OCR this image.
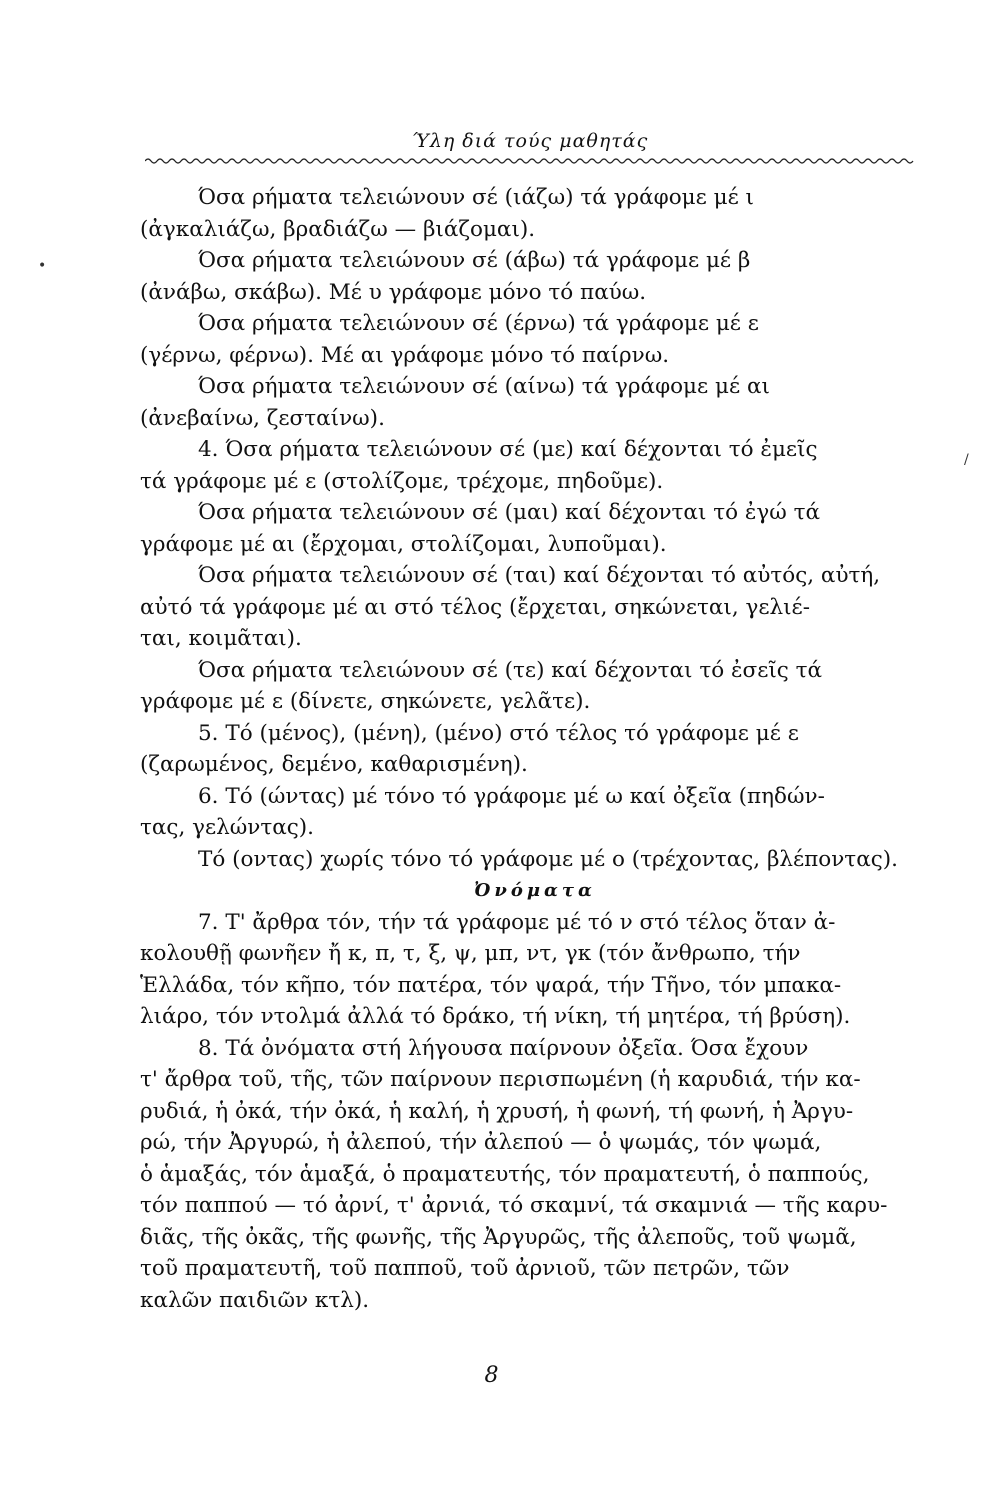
Ύλη διά τούς μαθητάς
•
/
Όσα ρήματα τελειώνουν σέ (ιάζω) τά γράφομε μέ ι
(ἀγκαλιάζω, βραδιάζω — βιάζομαι).
Όσα ρήματα τελειώνουν σέ (άβω) τά γράφομε μέ β
(ἀνάβω, σκάβω). Μέ υ γράφομε μόνο τό παύω.
Όσα ρήματα τελειώνουν σέ (έρνω) τά γράφομε μέ ε
(γέρνω, φέρνω). Μέ αι γράφομε μόνο τό παίρνω.
Όσα ρήματα τελειώνουν σέ (αίνω) τά γράφομε μέ αι
(ἀνεβαίνω, ζεσταίνω).
4. Όσα ρήματα τελειώνουν σέ (με) καί δέχονται τό ἐμεῖς
τά γράφομε μέ ε (στολίζομε, τρέχομε, πηδοῦμε).
Όσα ρήματα τελειώνουν σέ (μαι) καί δέχονται τό ἐγώ τά
γράφομε μέ αι (ἔρχομαι, στολίζομαι, λυποῦμαι).
Όσα ρήματα τελειώνουν σέ (ται) καί δέχονται τό αὐτός, αὐτή,
αὐτό τά γράφομε μέ αι στό τέλος (ἔρχεται, σηκώνεται, γελιέ-
ται, κοιμᾶται).
Όσα ρήματα τελειώνουν σέ (τε) καί δέχονται τό ἐσεῖς τά
γράφομε μέ ε (δίνετε, σηκώνετε, γελᾶτε).
5. Τό (μένος), (μένη), (μένο) στό τέλος τό γράφομε μέ ε
(ζαρωμένος, δεμένο, καθαρισμένη).
6. Τό (ώντας) μέ τόνο τό γράφομε μέ ω καί ὀξεῖα (πηδών-
τας, γελώντας).
Τό (οντας) χωρίς τόνο τό γράφομε μέ ο (τρέχοντας, βλέποντας).
Ὀνόματα
7. Τ' ἄρθρα τόν, τήν τά γράφομε μέ τό ν στό τέλος ὅταν ἀ-
κολουθῇ φωνῆεν ἤ κ, π, τ, ξ, ψ, μπ, ντ, γκ (τόν ἄνθρωπο, τήν
Ἑλλάδα, τόν κῆπο, τόν πατέρα, τόν ψαρά, τήν Τῆνο, τόν μπακα-
λιάρο, τόν ντολμά ἀλλά τό δράκο, τή νίκη, τή μητέρα, τή βρύση).
8. Τά ὀνόματα στή λήγουσα παίρνουν ὀξεῖα. Όσα ἔχουν
τ' ἄρθρα τοῦ, τῆς, τῶν παίρνουν περισπωμένη (ἡ καρυδιά, τήν κα-
ρυδιά, ἡ ὀκά, τήν ὀκά, ἡ καλή, ἡ χρυσή, ἡ φωνή, τή φωνή, ἡ Ἀργυ-
ρώ, τήν Ἀργυρώ, ἡ ἀλεπού, τήν ἀλεπού — ὁ ψωμάς, τόν ψωμά,
ὁ ἁμαξάς, τόν ἁμαξά, ὁ πραματευτής, τόν πραματευτή, ὁ παππούς,
τόν παππού — τό ἀρνί, τ' ἀρνιά, τό σκαμνί, τά σκαμνιά — τῆς καρυ-
διᾶς, τῆς ὀκᾶς, τῆς φωνῆς, τῆς Ἀργυρῶς, τῆς ἀλεποῦς, τοῦ ψωμᾶ,
τοῦ πραματευτῆ, τοῦ παπποῦ, τοῦ ἀρνιοῦ, τῶν πετρῶν, τῶν
καλῶν παιδιῶν κτλ).
8
